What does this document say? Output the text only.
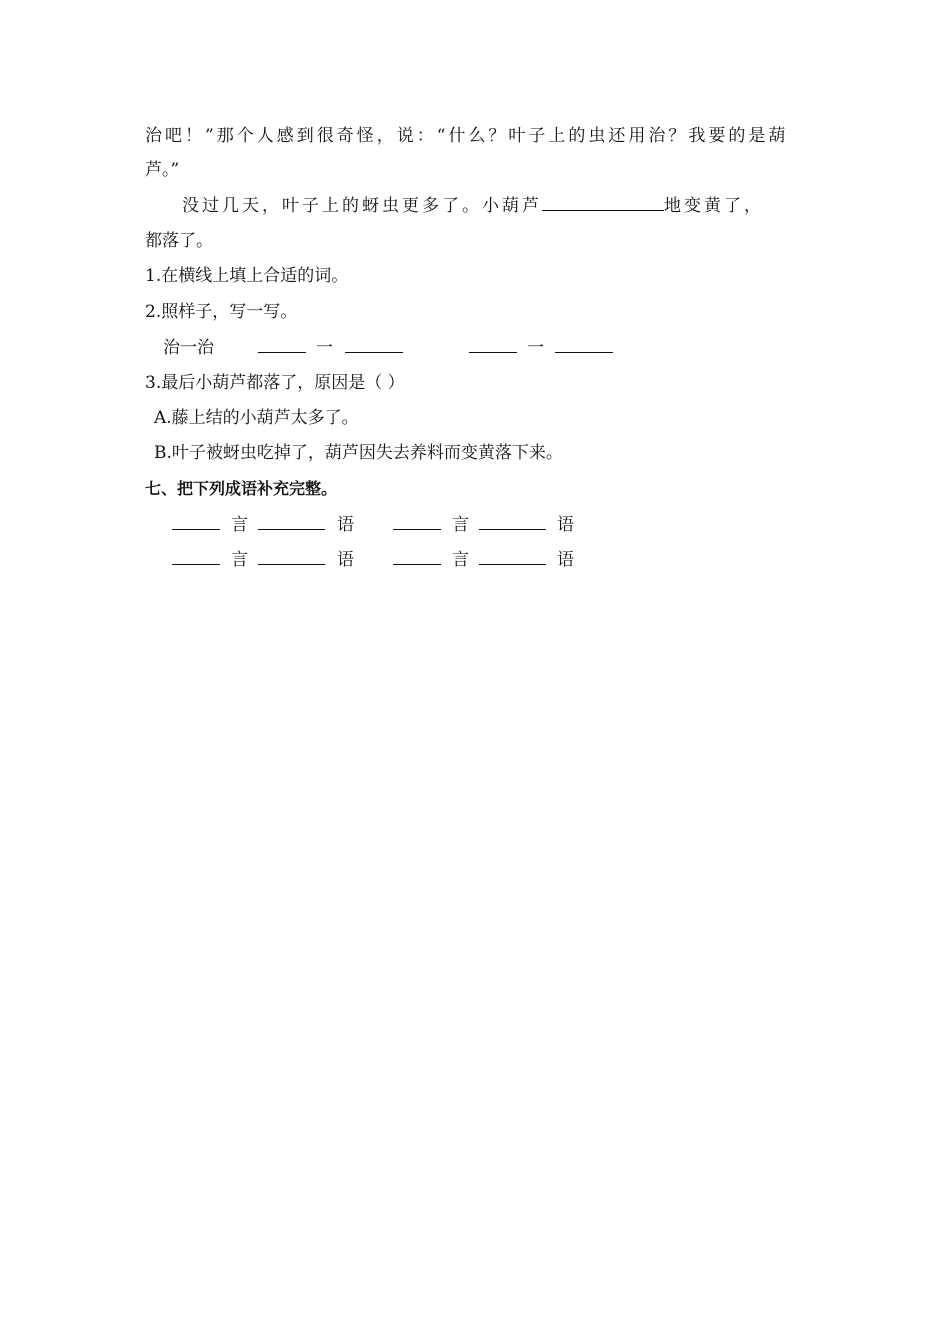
治吧！”那个人感到很奇怪，说：“什么？叶子上的虫还用治？我要的是葫
芦。”
没过几天，叶子上的蚜虫更多了。小葫芦	地变黄了，
都落了。
1.在横线上填上合适的词。
2.照样子，写一写。
治一治	一	一
3.最后小葫芦都落了，原因是（ ）
A.藤上结的小葫芦太多了。
B.叶子被蚜虫吃掉了，葫芦因失去养料而变黄落下来。
七、把下列成语补充完整。
言	语	言	语
言	语	言	语
